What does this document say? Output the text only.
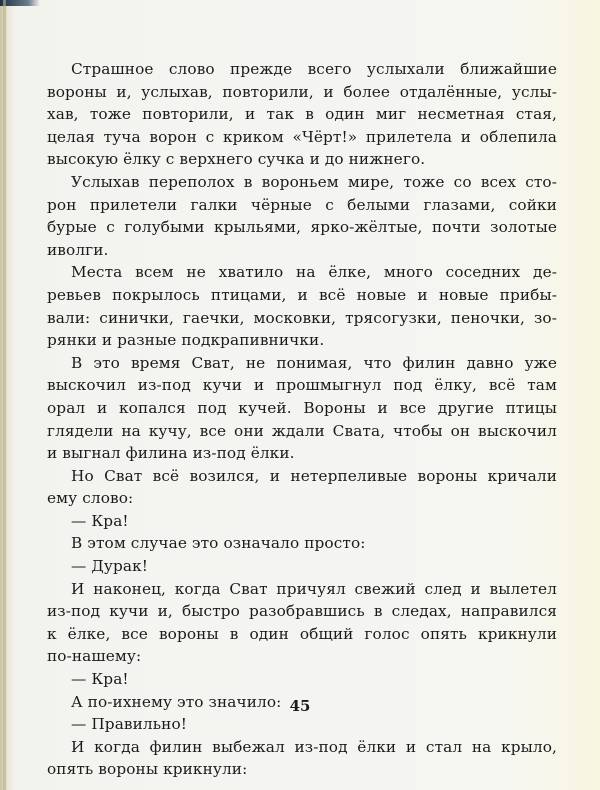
Страшное слово прежде всего услыхали ближайшие
вороны и, услыхав, повторили, и более отдалённые, услы-
хав, тоже повторили, и так в один миг несметная стая,
целая туча ворон с криком «Чёрт!» прилетела и облепила
высокую ёлку с верхнего сучка и до нижнего.
Услыхав переполох в вороньем мире, тоже со всех сто-
рон прилетели галки чёрные с белыми глазами, сойки
бурые с голубыми крыльями, ярко-жёлтые, почти золотые
иволги.
Места всем не хватило на ёлке, много соседних де-
ревьев покрылось птицами, и всё новые и новые прибы-
вали: синички, гаечки, московки, трясогузки, пеночки, зо-
рянки и разные подкрапивнички.
В это время Сват, не понимая, что филин давно уже
выскочил из-под кучи и прошмыгнул под ёлку, всё там
орал и копался под кучей. Вороны и все другие птицы
глядели на кучу, все они ждали Свата, чтобы он выскочил
и выгнал филина из-под ёлки.
Но Сват всё возился, и нетерпеливые вороны кричали
ему слово:
— Кра!
В этом случае это означало просто:
— Дурак!
И наконец, когда Сват причуял свежий след и вылетел
из-под кучи и, быстро разобравшись в следах, направился
к ёлке, все вороны в один общий голос опять крикнули
по-нашему:
— Кра!
А по-ихнему это значило:
— Правильно!
И когда филин выбежал из-под ёлки и стал на крыло,
опять вороны крикнули:
45
